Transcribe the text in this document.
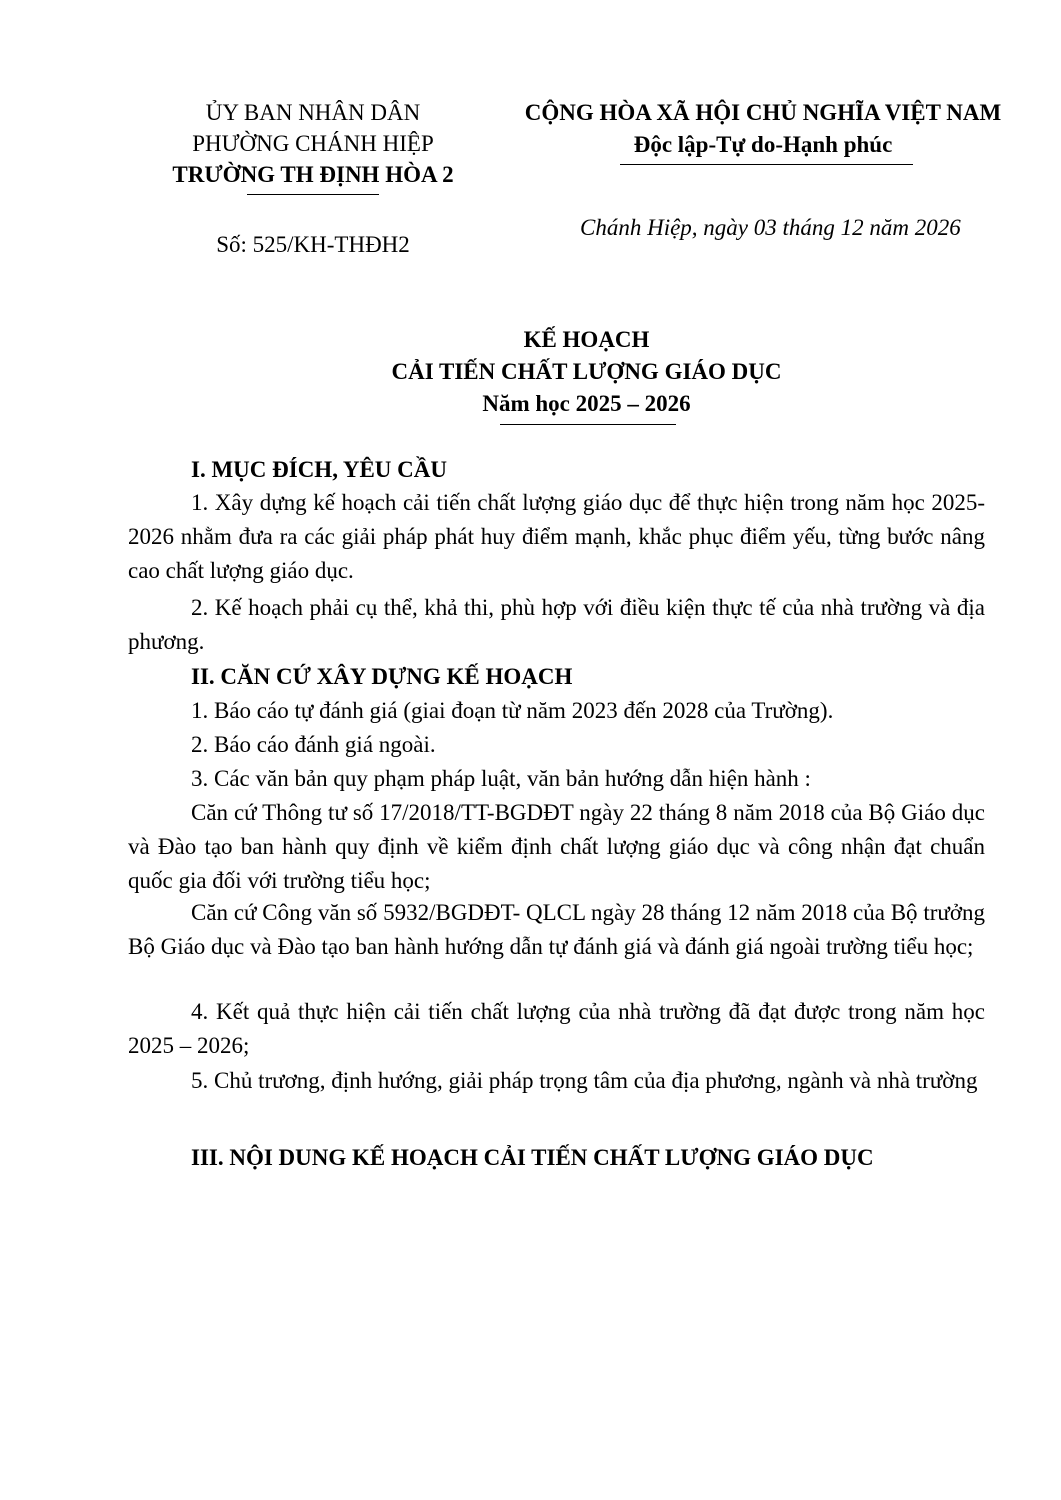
ỦY BAN NHÂN DÂN
PHƯỜNG CHÁNH HIỆP
TRƯỜNG TH ĐỊNH HÒA 2
Số: 525/KH-THĐH2
CỘNG HÒA XÃ HỘI CHỦ NGHĨA VIỆT NAM
Độc lập-Tự do-Hạnh phúc
Chánh Hiệp, ngày 03 tháng 12 năm 2026
KẾ HOẠCH
CẢI TIẾN CHẤT LƯỢNG GIÁO DỤC
Năm học 2025 – 2026
I. MỤC ĐÍCH, YÊU CẦU
1. Xây dựng kế hoạch cải tiến chất lượng giáo dục để thực hiện trong năm học 2025-2026 nhằm đưa ra các giải pháp phát huy điểm mạnh, khắc phục điểm yếu, từng bước nâng cao chất lượng giáo dục.
2. Kế hoạch phải cụ thể, khả thi, phù hợp với điều kiện thực tế của nhà trường và địa phương.
II. CĂN CỨ XÂY DỰNG KẾ HOẠCH
1. Báo cáo tự đánh giá (giai đoạn từ năm 2023 đến 2028 của Trường).
2. Báo cáo đánh giá ngoài.
3. Các văn bản quy phạm pháp luật, văn bản hướng dẫn hiện hành :
Căn cứ Thông tư số 17/2018/TT-BGDĐT ngày 22 tháng 8 năm 2018 của Bộ Giáo dục và Đào tạo ban hành quy định về kiểm định chất lượng giáo dục và công nhận đạt chuẩn quốc gia đối với trường tiểu học;
Căn cứ Công văn số 5932/BGDĐT- QLCL ngày 28 tháng 12 năm 2018 của Bộ trưởng Bộ Giáo dục và Đào tạo ban hành hướng dẫn tự đánh giá và đánh giá ngoài trường tiểu học;
4. Kết quả thực hiện cải tiến chất lượng của nhà trường đã đạt được trong năm học 2025 – 2026;
5. Chủ trương, định hướng, giải pháp trọng tâm của địa phương, ngành và nhà trường
III. NỘI DUNG KẾ HOẠCH CẢI TIẾN CHẤT LƯỢNG GIÁO DỤC
